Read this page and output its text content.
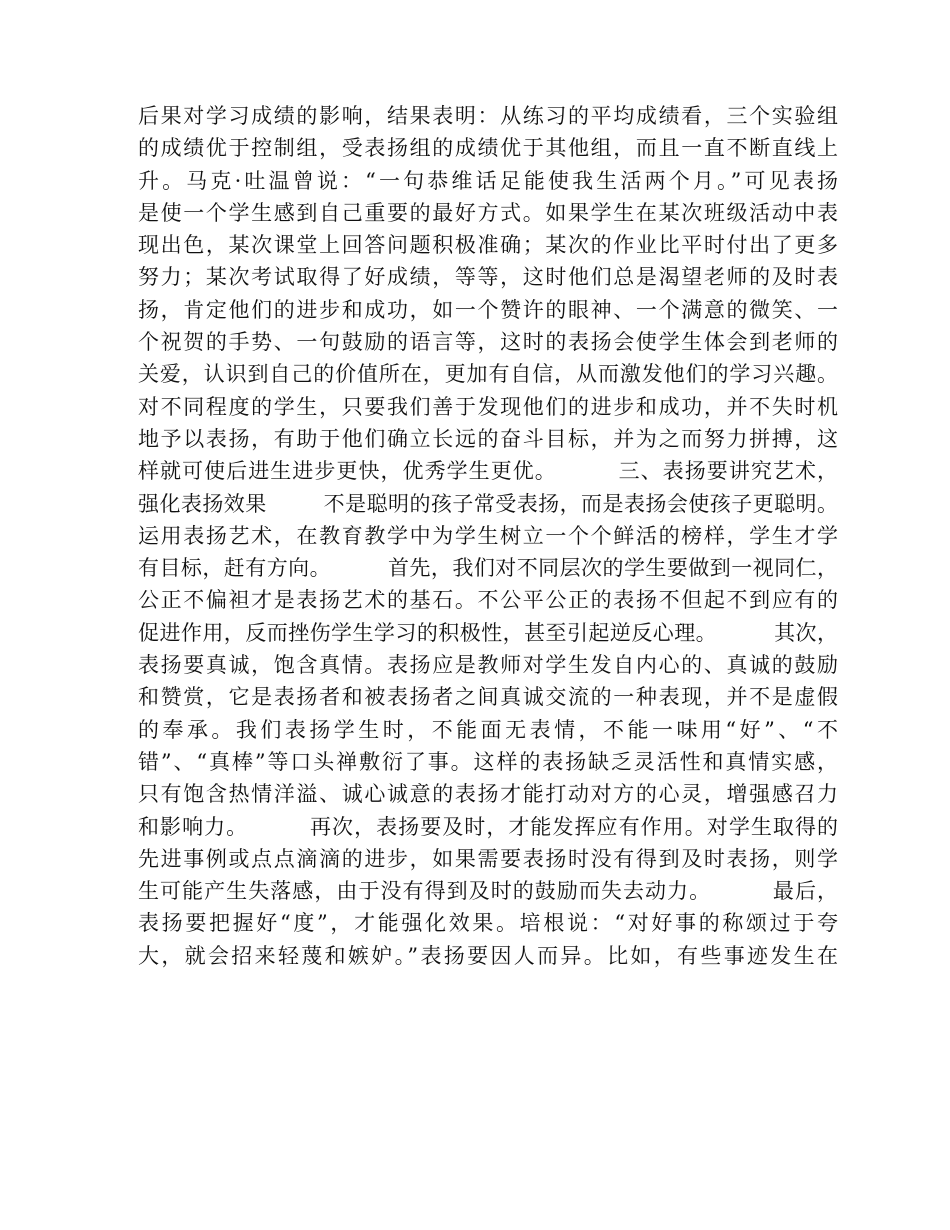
后果对学习成绩的影响，结果表明：从练习的平均成绩看，三个实验组
的成绩优于控制组，受表扬组的成绩优于其他组，而且一直不断直线上
升。马克·吐温曾说：“一句恭维话足能使我生活两个月。”可见表扬
是使一个学生感到自己重要的最好方式。如果学生在某次班级活动中表
现出色，某次课堂上回答问题积极准确；某次的作业比平时付出了更多
努力；某次考试取得了好成绩，等等，这时他们总是渴望老师的及时表
扬，肯定他们的进步和成功，如一个赞许的眼神、一个满意的微笑、一
个祝贺的手势、一句鼓励的语言等，这时的表扬会使学生体会到老师的
关爱，认识到自己的价值所在，更加有自信，从而激发他们的学习兴趣。
对不同程度的学生，只要我们善于发现他们的进步和成功，并不失时机
地予以表扬，有助于他们确立长远的奋斗目标，并为之而努力拼搏，这
样就可使后进生进步更快，优秀学生更优。        三、表扬要讲究艺术，
强化表扬效果        不是聪明的孩子常受表扬，而是表扬会使孩子更聪明。
运用表扬艺术，在教育教学中为学生树立一个个鲜活的榜样，学生才学
有目标，赶有方向。        首先，我们对不同层次的学生要做到一视同仁，
公正不偏袒才是表扬艺术的基石。不公平公正的表扬不但起不到应有的
促进作用，反而挫伤学生学习的积极性，甚至引起逆反心理。        其次，
表扬要真诚，饱含真情。表扬应是教师对学生发自内心的、真诚的鼓励
和赞赏，它是表扬者和被表扬者之间真诚交流的一种表现，并不是虚假
的奉承。我们表扬学生时，不能面无表情，不能一味用“好”、“不
错”、“真棒”等口头禅敷衍了事。这样的表扬缺乏灵活性和真情实感，
只有饱含热情洋溢、诚心诚意的表扬才能打动对方的心灵，增强感召力
和影响力。        再次，表扬要及时，才能发挥应有作用。对学生取得的
先进事例或点点滴滴的进步，如果需要表扬时没有得到及时表扬，则学
生可能产生失落感，由于没有得到及时的鼓励而失去动力。        最后，
表扬要把握好“度”，才能强化效果。培根说：“对好事的称颂过于夸
大，就会招来轻蔑和嫉妒。”表扬要因人而异。比如，有些事迹发生在
